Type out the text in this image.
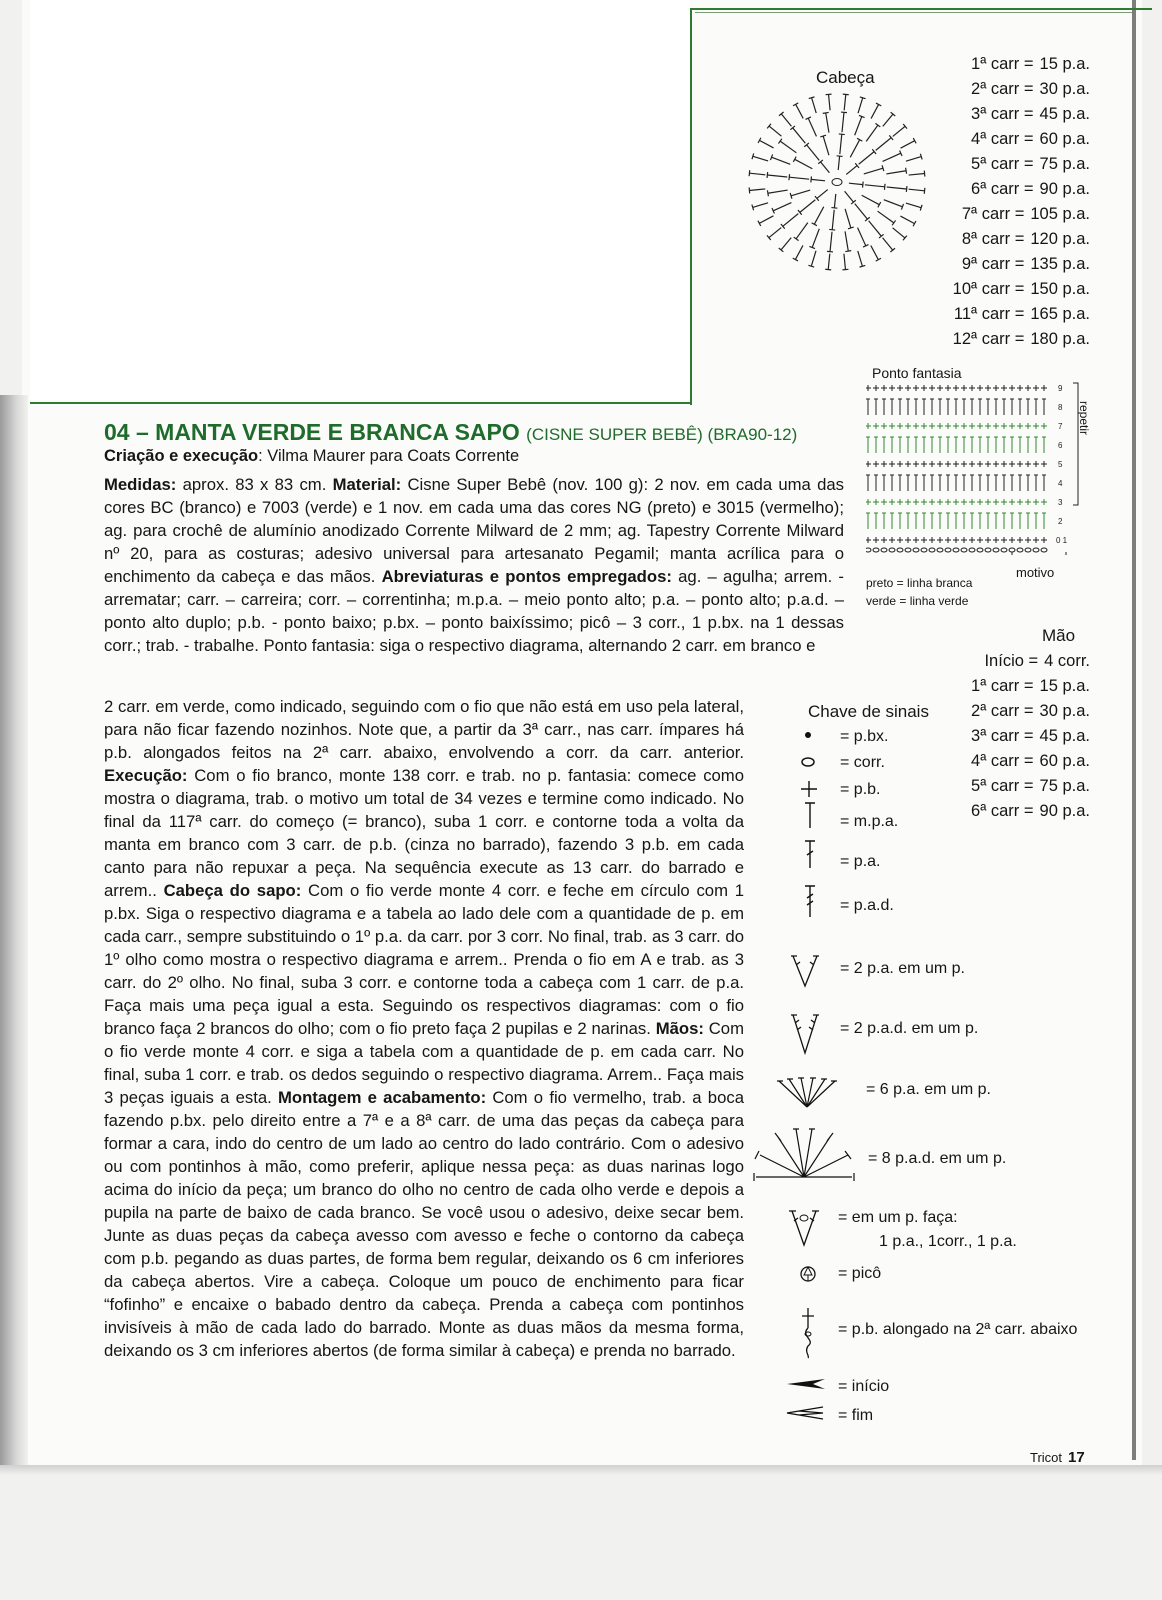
Cabeça
1ª carr = 15 p.a.
2ª carr = 30 p.a.
3ª carr = 45 p.a.
4ª carr = 60 p.a.
5ª carr = 75 p.a.
6ª carr = 90 p.a.
7ª carr = 105 p.a.
8ª carr = 120 p.a.
9ª carr = 135 p.a.
10ª carr = 150 p.a.
11ª carr = 165 p.a.
12ª carr = 180 p.a.
Ponto fantasia
9
8
7
6
5
4
3
2
0 1
repetir
motivo
preto = linha branca
verde = linha verde
Mão
Início = 4 corr.
1ª carr = 15 p.a.
2ª carr = 30 p.a.
3ª carr = 45 p.a.
4ª carr = 60 p.a.
5ª carr = 75 p.a.
6ª carr = 90 p.a.
Chave de sinais
= p.bx.
= corr.
= p.b.
= m.p.a.
= p.a.
= p.a.d.
= 2 p.a. em um p.
= 2 p.a.d. em um p.
= 6 p.a. em um p.
= 8 p.a.d. em um p.
= em um p. faça:
1 p.a., 1corr., 1 p.a.
= picô
= p.b. alongado na 2ª carr. abaixo
= início
= fim
04 – MANTA VERDE E BRANCA SAPO (CISNE SUPER BEBÊ) (BRA90-12)
Criação e execução: Vilma Maurer para Coats Corrente

Medidas: aprox. 83 x 83 cm. Material: Cisne Super Bebê (nov. 100 g): 2 nov. em cada uma das cores BC (branco) e 7003 (verde) e 1 nov. em cada uma das cores NG (preto) e 3015 (vermelho); ag. para crochê de alumínio anodizado Corrente Milward de 2 mm; ag. Tapestry Corrente Milward nº 20, para as costuras; adesivo universal para artesanato Pegamil; manta acrílica para o enchimento da cabeça e das mãos. Abreviaturas e pontos empregados: ag. – agulha; arrem. - arrematar; carr. – carreira; corr. – correntinha; m.p.a. – meio ponto alto; p.a. – ponto alto; p.a.d. – ponto alto duplo; p.b. - ponto baixo; p.bx. – ponto baixíssimo; picô – 3 corr., 1 p.bx. na 1 dessas corr.; trab. - trabalhe. Ponto fantasia: siga o respectivo diagrama, alternando 2 carr. em branco e

2 carr. em verde, como indicado, seguindo com o fio que não está em uso pela lateral, para não ficar fazendo nozinhos. Note que, a partir da 3ª carr., nas carr. ímpares há p.b. alongados feitos na 2ª carr. abaixo, envolvendo a corr. da carr. anterior. Execução: Com o fio branco, monte 138 corr. e trab. no p. fantasia: comece como mostra o diagrama, trab. o motivo um total de 34 vezes e termine como indicado. No final da 117ª carr. do começo (= branco), suba 1 corr. e contorne toda a volta da manta em branco com 3 carr. de p.b. (cinza no barrado), fazendo 3 p.b. em cada canto para não repuxar a peça. Na sequência execute as 13 carr. do barrado e arrem.. Cabeça do sapo: Com o fio verde monte 4 corr. e feche em círculo com 1 p.bx. Siga o respectivo diagrama e a tabela ao lado dele com a quantidade de p. em cada carr., sempre substituindo o 1º p.a. da carr. por 3 corr. No final, trab. as 3 carr. do 1º olho como mostra o respectivo diagrama e arrem.. Prenda o fio em A e trab. as 3 carr. do 2º olho. No final, suba 3 corr. e contorne toda a cabeça com 1 carr. de p.a. Faça mais uma peça igual a esta. Seguindo os respectivos diagramas: com o fio branco faça 2 brancos do olho; com o fio preto faça 2 pupilas e 2 narinas. Mãos: Com o fio verde monte 4 corr. e siga a tabela com a quantidade de p. em cada carr. No final, suba 1 corr. e trab. os dedos seguindo o respectivo diagrama. Arrem.. Faça mais 3 peças iguais a esta. Montagem e acabamento: Com o fio vermelho, trab. a boca fazendo p.bx. pelo direito entre a 7ª e a 8ª carr. de uma das peças da cabeça para formar a cara, indo do centro de um lado ao centro do lado contrário. Com o adesivo ou com pontinhos à mão, como preferir, aplique nessa peça: as duas narinas logo acima do início da peça; um branco do olho no centro de cada olho verde e depois a pupila na parte de baixo de cada branco. Se você usou o adesivo, deixe secar bem. Junte as duas peças da cabeça avesso com avesso e feche o contorno da cabeça com p.b. pegando as duas partes, de forma bem regular, deixando os 6 cm inferiores da cabeça abertos. Vire a cabeça. Coloque um pouco de enchimento para ficar “fofinho” e encaixe o babado dentro da cabeça. Prenda a cabeça com pontinhos invisíveis à mão de cada lado do barrado. Monte as duas mãos da mesma forma, deixando os 3 cm inferiores abertos (de forma similar à cabeça) e prenda no barrado.

Tricot 17
